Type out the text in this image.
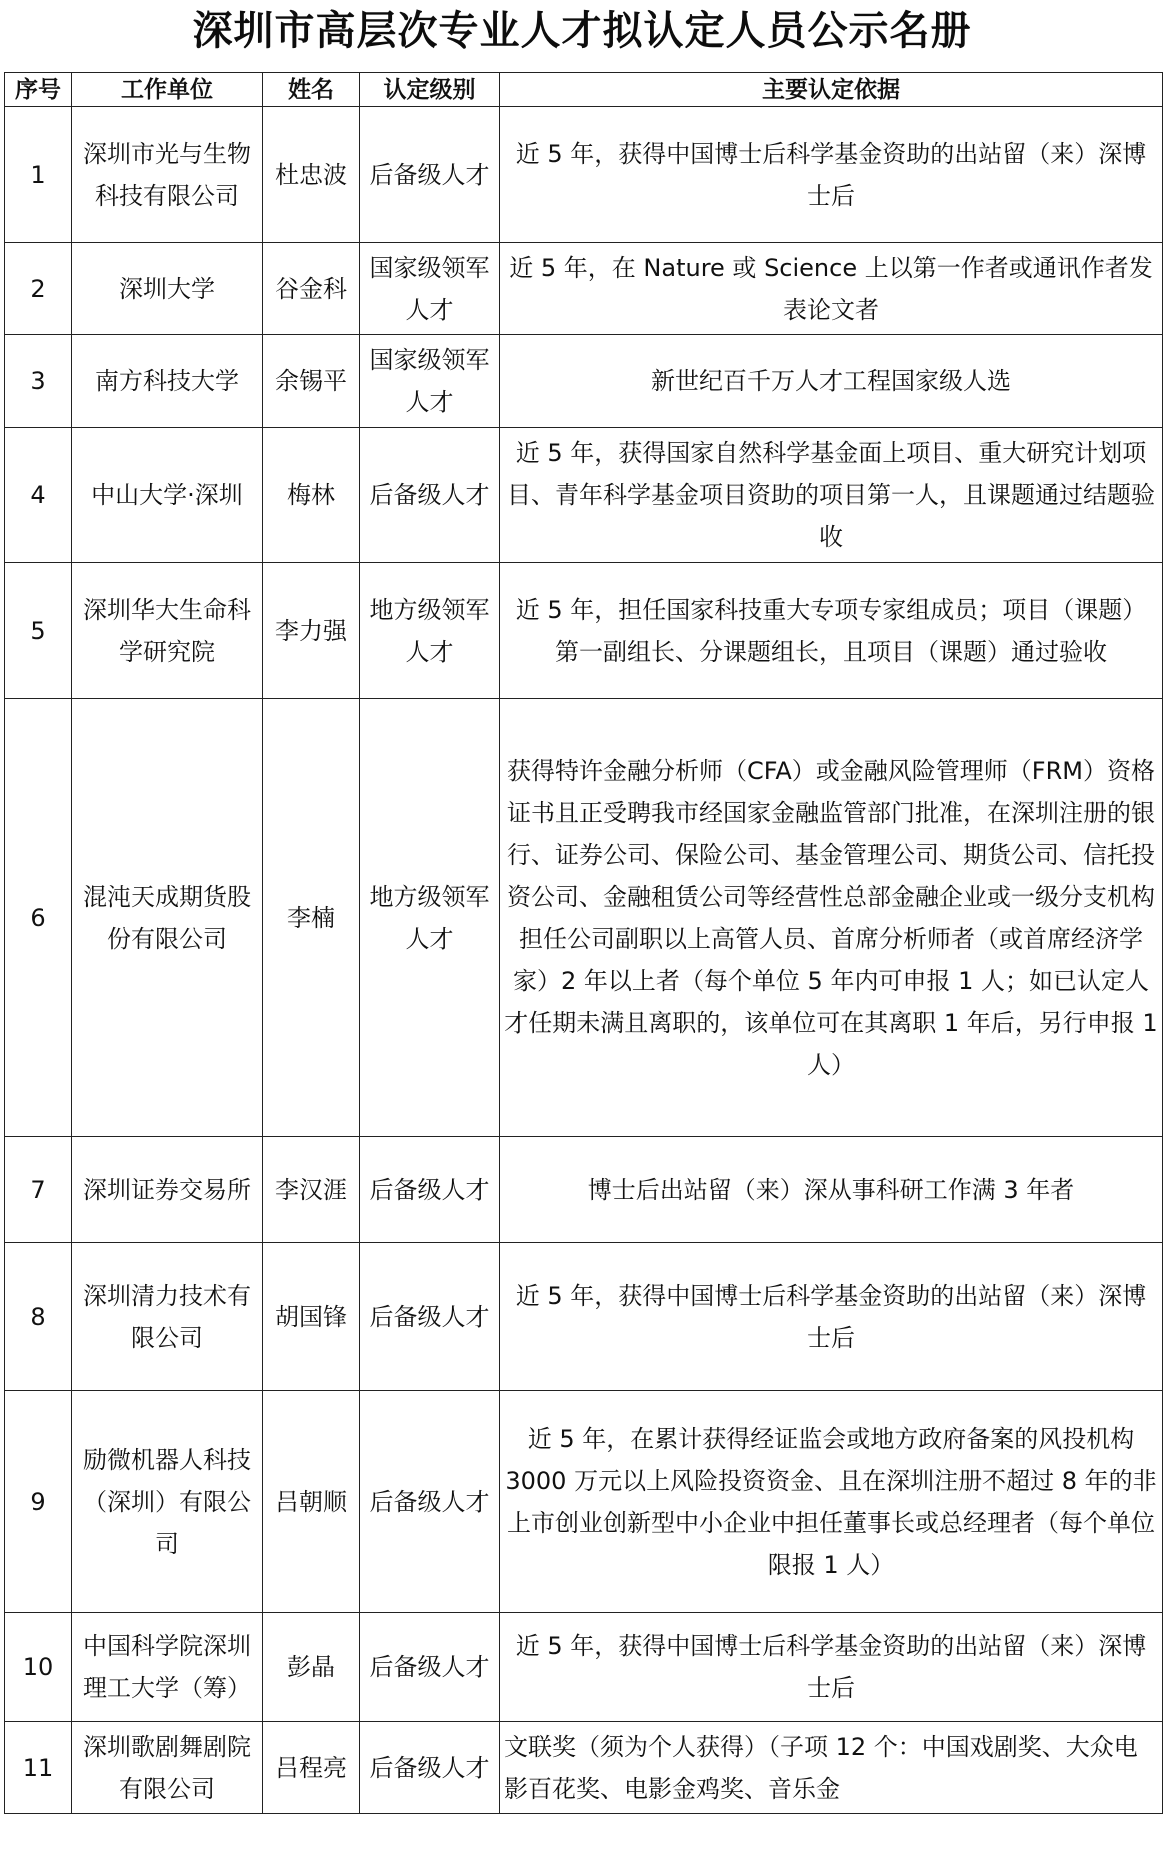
深圳市高层次专业人才拟认定人员公示名册
序号	工作单位	姓名	认定级别	主要认定依据
1	深圳市光与生物科技有限公司	杜忠波	后备级人才	近 5 年，获得中国博士后科学基金资助的出站留（来）深博士后
2	深圳大学	谷金科	国家级领军人才	近 5 年，在 Nature 或 Science 上以第一作者或通讯作者发表论文者
3	南方科技大学	余锡平	国家级领军人才	新世纪百千万人才工程国家级人选
4	中山大学·深圳	梅林	后备级人才	近 5 年，获得国家自然科学基金面上项目、重大研究计划项目、青年科学基金项目资助的项目第一人，且课题通过结题验收
5	深圳华大生命科学研究院	李力强	地方级领军人才	近 5 年，担任国家科技重大专项专家组成员；项目（课题）第一副组长、分课题组长，且项目（课题）通过验收
6	混沌天成期货股份有限公司	李楠	地方级领军人才	获得特许金融分析师（CFA）或金融风险管理师（FRM）资格证书且正受聘我市经国家金融监管部门批准，在深圳注册的银行、证券公司、保险公司、基金管理公司、期货公司、信托投资公司、金融租赁公司等经营性总部金融企业或一级分支机构担任公司副职以上高管人员、首席分析师者（或首席经济学家）2 年以上者（每个单位 5 年内可申报 1 人；如已认定人才任期未满且离职的，该单位可在其离职 1 年后，另行申报 1 人）
7	深圳证券交易所	李汉涯	后备级人才	博士后出站留（来）深从事科研工作满 3 年者
8	深圳清力技术有限公司	胡国锋	后备级人才	近 5 年，获得中国博士后科学基金资助的出站留（来）深博士后
9	励微机器人科技（深圳）有限公司	吕朝顺	后备级人才	近 5 年，在累计获得经证监会或地方政府备案的风投机构 3000 万元以上风险投资资金、且在深圳注册不超过 8 年的非上市创业创新型中小企业中担任董事长或总经理者（每个单位限报 1 人）
10	中国科学院深圳理工大学（筹）	彭晶	后备级人才	近 5 年，获得中国博士后科学基金资助的出站留（来）深博士后
11	深圳歌剧舞剧院有限公司	吕程亮	后备级人才	文联奖（须为个人获得）（子项 12 个：中国戏剧奖、大众电影百花奖、电影金鸡奖、音乐金
